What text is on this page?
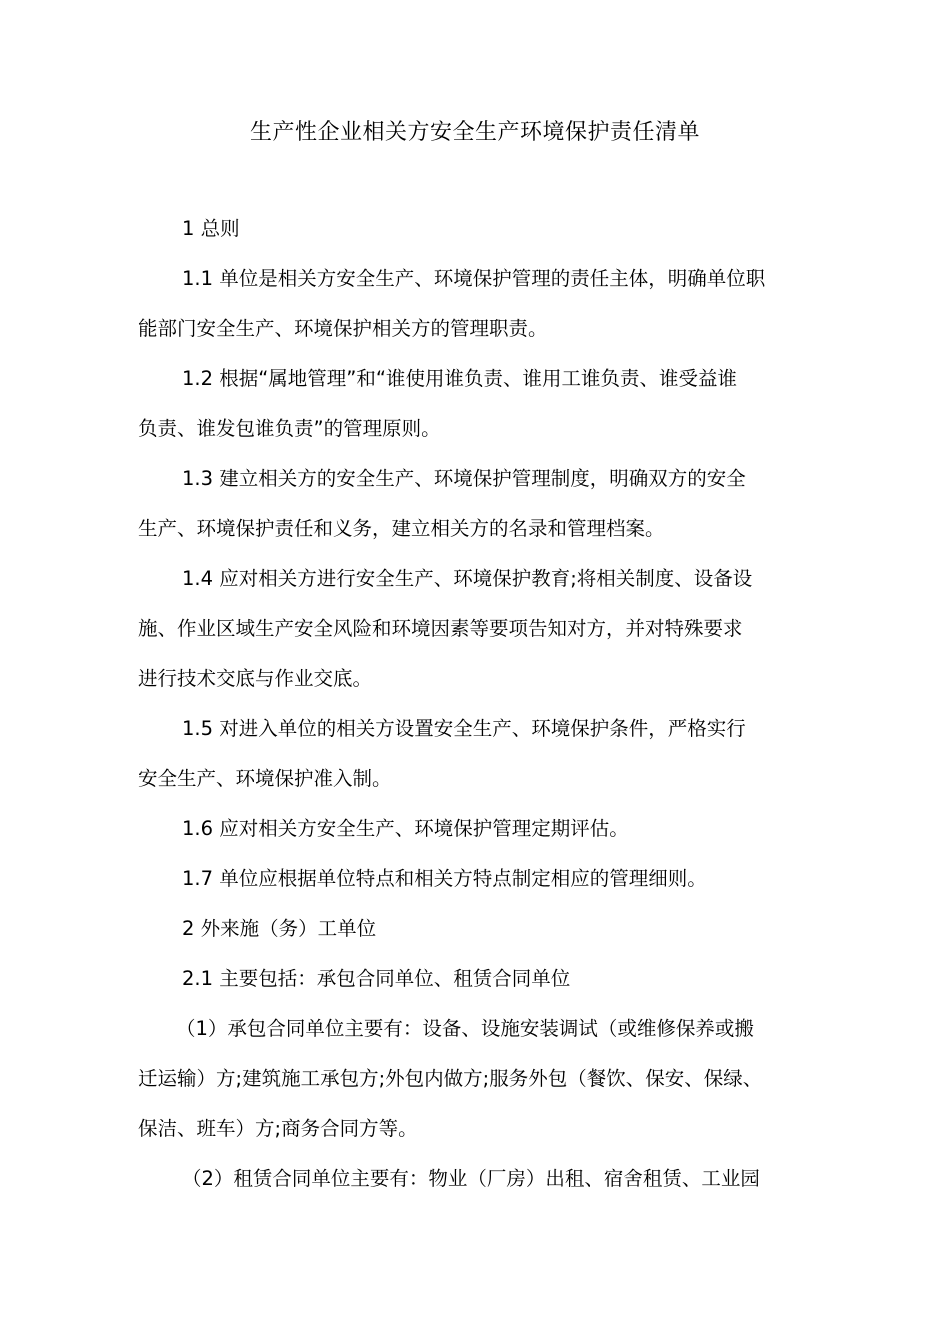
生产性企业相关方安全生产环境保护责任清单

1 总则

1.1 单位是相关方安全生产、环境保护管理的责任主体，明确单位职
能部门安全生产、环境保护相关方的管理职责。

1.2 根据“属地管理”和“谁使用谁负责、谁用工谁负责、谁受益谁
负责、谁发包谁负责”的管理原则。

1.3 建立相关方的安全生产、环境保护管理制度，明确双方的安全
生产、环境保护责任和义务，建立相关方的名录和管理档案。

1.4 应对相关方进行安全生产、环境保护教育;将相关制度、设备设
施、作业区域生产安全风险和环境因素等要项告知对方，并对特殊要求
进行技术交底与作业交底。

1.5 对进入单位的相关方设置安全生产、环境保护条件，严格实行
安全生产、环境保护准入制。

1.6 应对相关方安全生产、环境保护管理定期评估。

1.7 单位应根据单位特点和相关方特点制定相应的管理细则。

2 外来施（务）工单位

2.1 主要包括：承包合同单位、租赁合同单位

（1）承包合同单位主要有：设备、设施安装调试（或维修保养或搬
迁运输）方;建筑施工承包方;外包内做方;服务外包（餐饮、保安、保绿、
保洁、班车）方;商务合同方等。

（2）租赁合同单位主要有：物业（厂房）出租、宿舍租赁、工业园
